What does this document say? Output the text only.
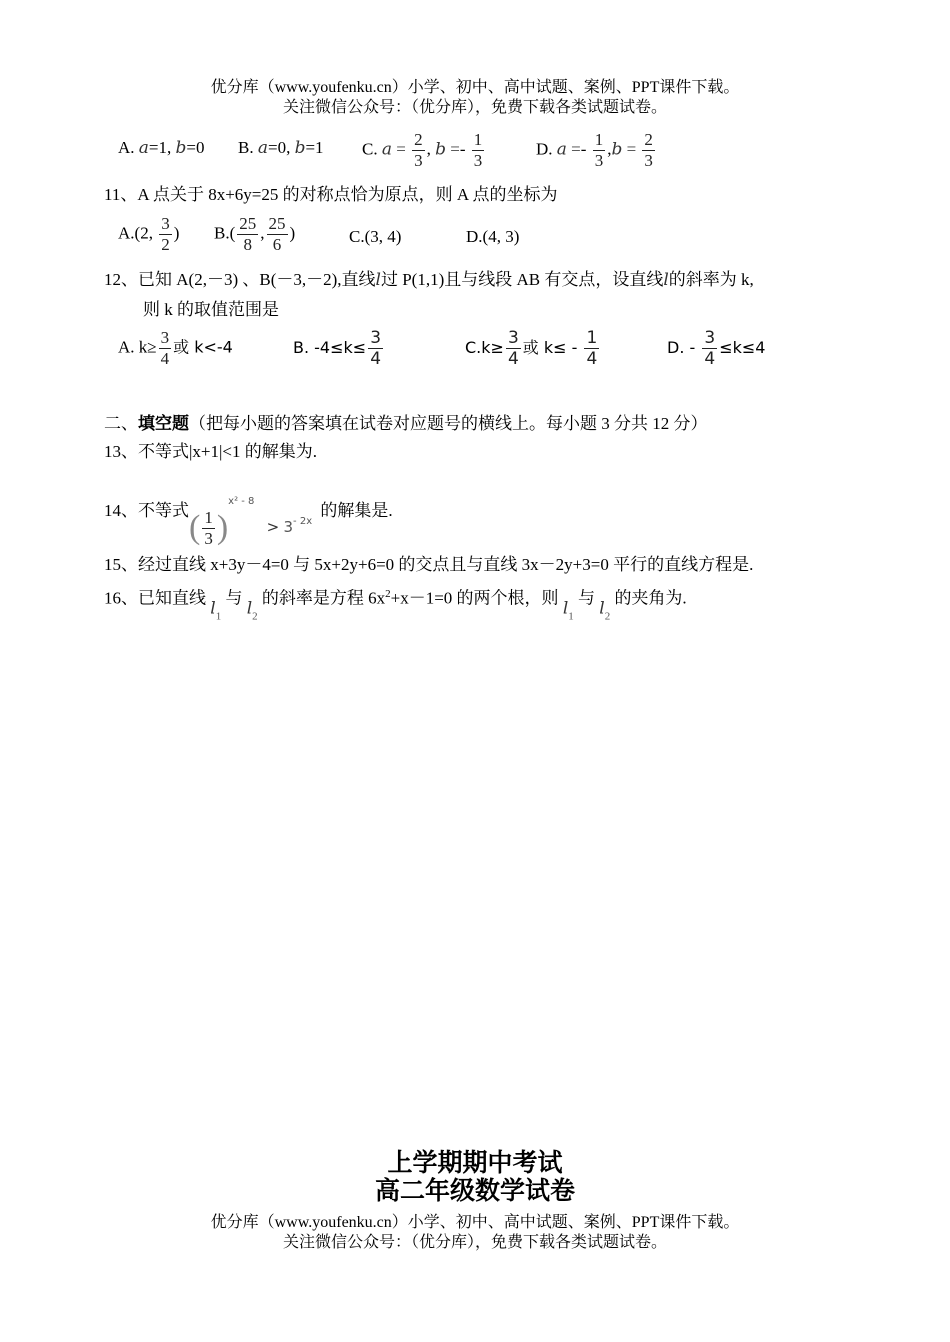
优分库（www.youfenku.cn）小学、初中、高中试题、案例、PPT课件下载。
关注微信公众号：（优分库），免费下载各类试题试卷。
A. a=1, b=0 B. a=0, b=1 C. $a = \frac{2}{3}$ , $b =- \frac{1}{3}$	D. $a =- \frac{1}{3} ,b = \frac{2}{3}$
11、A 点关于 8x+6y=25 的对称点恰为原点，则 A 点的坐标为
A.(2, $\frac{3}{2}$ ) $B.( \frac{25}{8}$ , $\frac{25}{6}$ )	C.(3, 4)	D.(4, 3)
12、已知 A(2,－3) 、B(－3,－2),直线l过 P(1,1)且与线段 AB 有交点，设直线l的斜率为 k,
则 k 的取值范围是
A. $k\ge \frac{3}{4}$ 或 k<-4	B. $-4\le k\le \frac{3}{4}$	$C.k\ge \frac{3}{4}$ 或 $k\le - \frac{1}{4}$	D. - $\frac{3}{4} \le k\le 4$
二、填空题（把每小题的答案填在试卷对应题号的横线上。每小题 3 分共 12 分）
13、不等式|x+1|<1 的解集为.
14、不等式( $\frac{1}{3} )^{x^2 - 8} > 3^{- 2x}$ 的解集是.
15、经过直线 x+3y－4=0 与 5x+2y+6=0 的交点且与直线 3x－2y+3=0 平行的直线方程是.
16、已知直线 $l_1$ 与 $l_2$ 的斜率是方程 $6x^2+x-1=0$ 的两个根，则 $l_1$ 与 $l_2$ 的夹角为.
上学期期中考试
高二年级数学试卷
优分库（www.youfenku.cn）小学、初中、高中试题、案例、PPT课件下载。
关注微信公众号：（优分库），免费下载各类试题试卷。
